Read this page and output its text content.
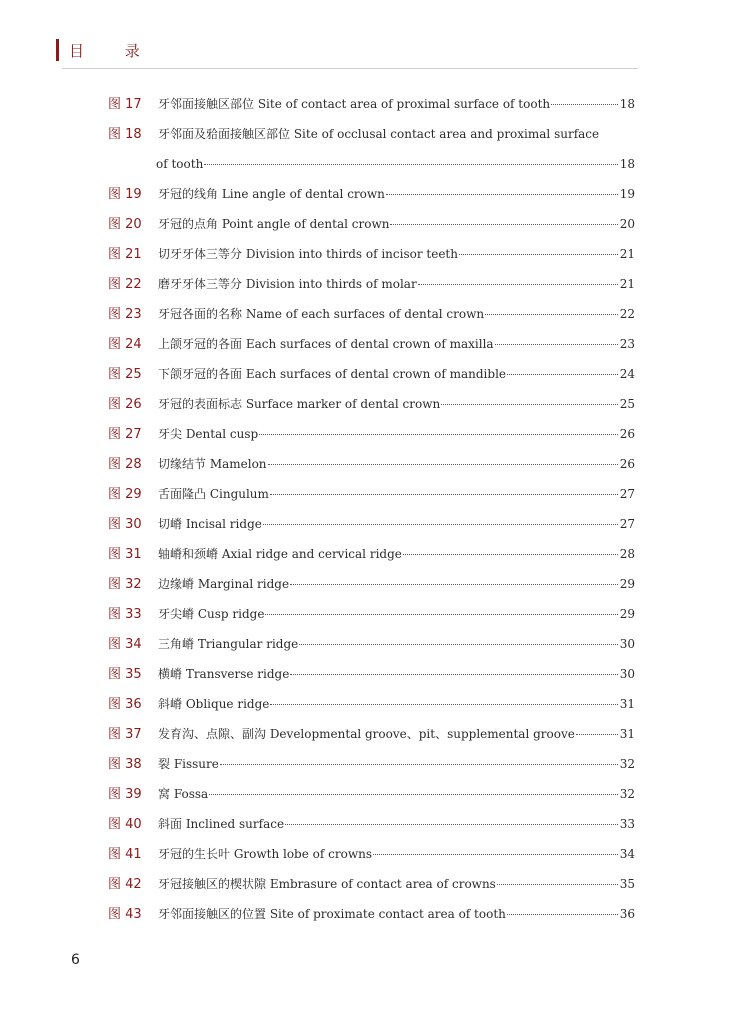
目 录
图 17	牙邻面接触区部位 Site of contact area of proximal surface of tooth	18
图 18	牙邻面及𬌗面接触区部位 Site of occlusal contact area and proximal surface
of tooth	18
图 19	牙冠的线角 Line angle of dental crown	19
图 20	牙冠的点角 Point angle of dental crown	20
图 21	切牙牙体三等分 Division into thirds of incisor teeth	21
图 22	磨牙牙体三等分 Division into thirds of molar	21
图 23	牙冠各面的名称 Name of each surfaces of dental crown	22
图 24	上颌牙冠的各面 Each surfaces of dental crown of maxilla	23
图 25	下颌牙冠的各面 Each surfaces of dental crown of mandible	24
图 26	牙冠的表面标志 Surface marker of dental crown	25
图 27	牙尖 Dental cusp	26
图 28	切缘结节 Mamelon	26
图 29	舌面隆凸 Cingulum	27
图 30	切嵴 Incisal ridge	27
图 31	轴嵴和颈嵴 Axial ridge and cervical ridge	28
图 32	边缘嵴 Marginal ridge	29
图 33	牙尖嵴 Cusp ridge	29
图 34	三角嵴 Triangular ridge	30
图 35	横嵴 Transverse ridge	30
图 36	斜嵴 Oblique ridge	31
图 37	发育沟、点隙、副沟 Developmental groove、pit、supplemental groove	31
图 38	裂 Fissure	32
图 39	窝 Fossa	32
图 40	斜面 Inclined surface	33
图 41	牙冠的生长叶 Growth lobe of crowns	34
图 42	牙冠接触区的楔状隙 Embrasure of contact area of crowns	35
图 43	牙邻面接触区的位置 Site of proximate contact area of tooth	36
6
